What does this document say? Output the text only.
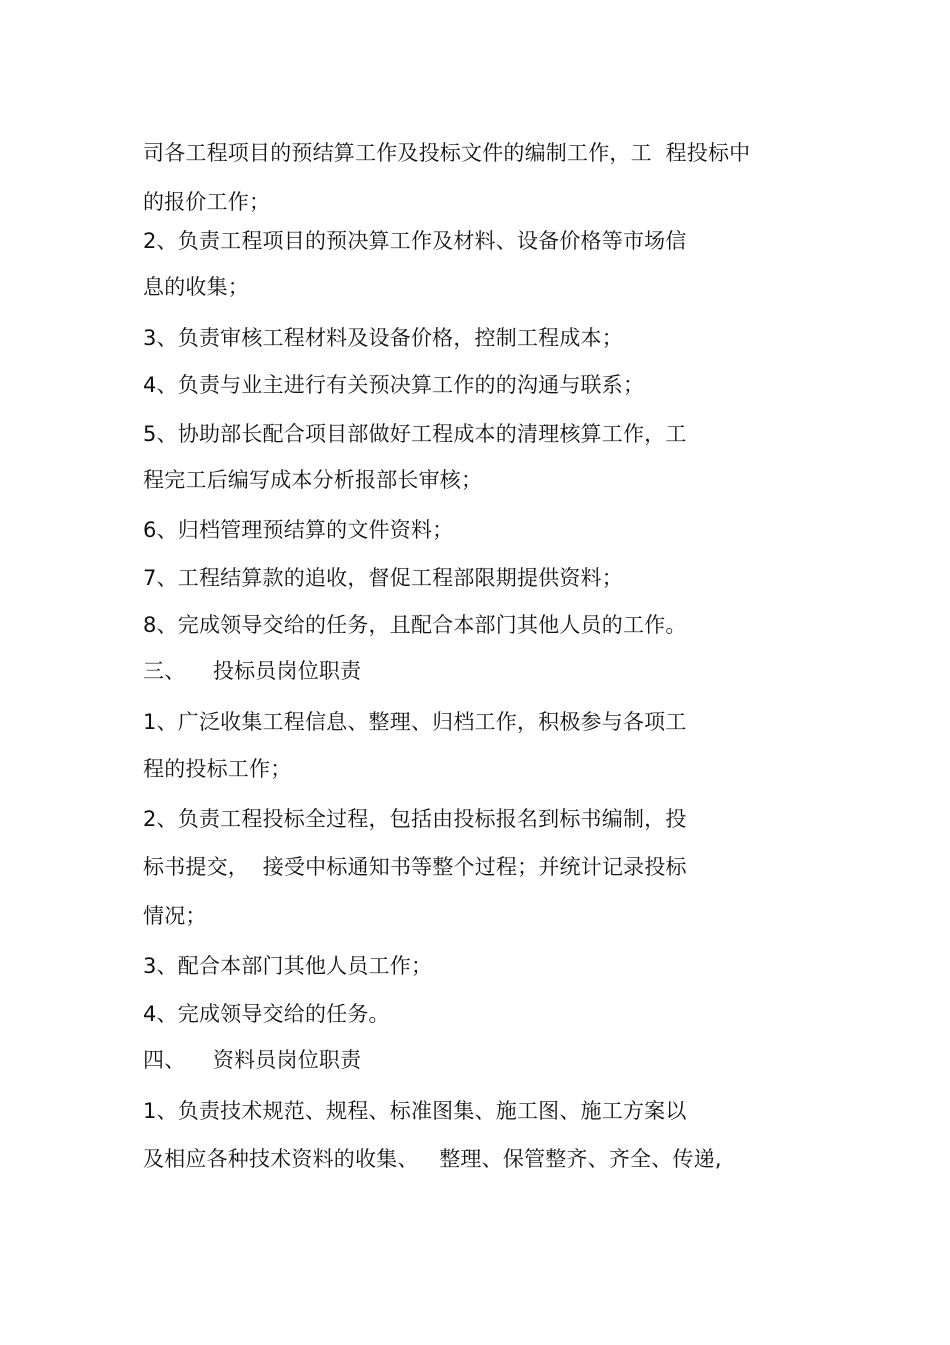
司各工程项目的预结算工作及投标文件的编制工作，工  程投标中
的报价工作；
2、负责工程项目的预决算工作及材料、设备价格等市场信
息的收集；
3、负责审核工程材料及设备价格，控制工程成本；
4、负责与业主进行有关预决算工作的的沟通与联系；
5、协助部长配合项目部做好工程成本的清理核算工作，工
程完工后编写成本分析报部长审核；
6、归档管理预结算的文件资料；
7、工程结算款的追收，督促工程部限期提供资料；
8、完成领导交给的任务，且配合本部门其他人员的工作。
三、    投标员岗位职责
1、广泛收集工程信息、整理、归档工作，积极参与各项工
程的投标工作；
2、负责工程投标全过程，包括由投标报名到标书编制，投
标书提交，  接受中标通知书等整个过程；并统计记录投标
情况；
3、配合本部门其他人员工作；
4、完成领导交给的任务。
四、    资料员岗位职责
1、负责技术规范、规程、标准图集、施工图、施工方案以
及相应各种技术资料的收集、   整理、保管整齐、齐全、传递,
